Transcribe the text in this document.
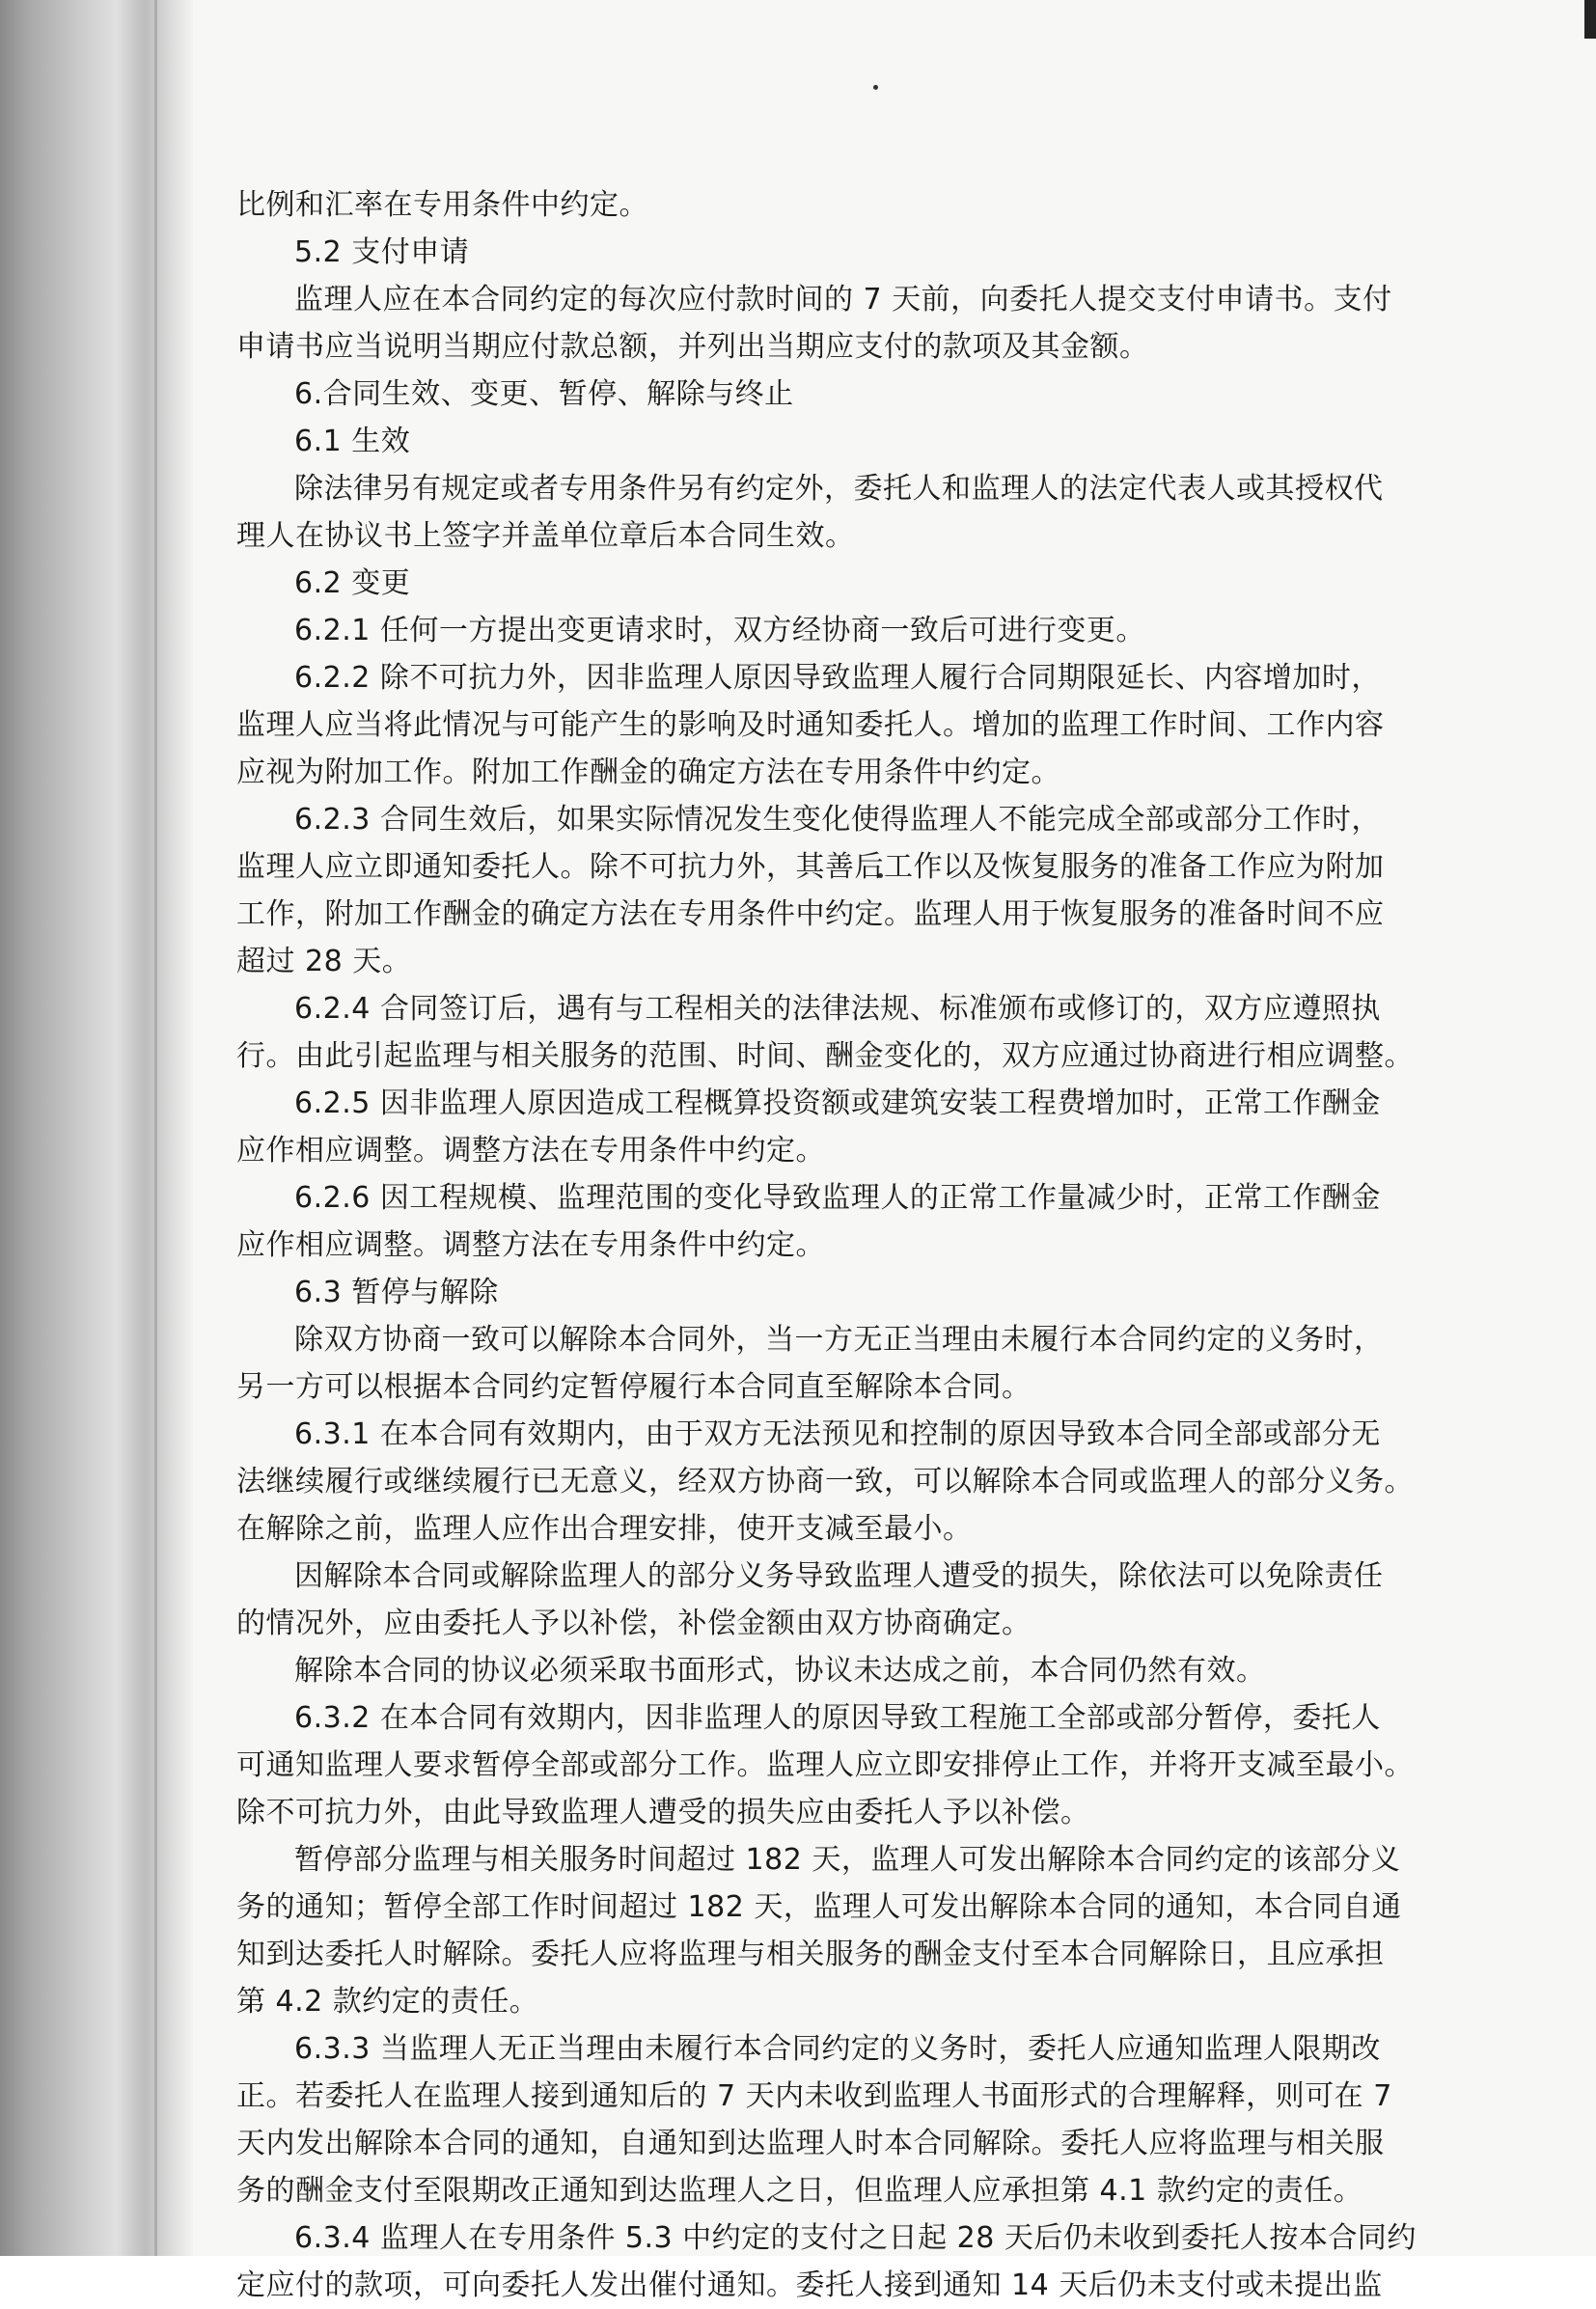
比例和汇率在专用条件中约定。
5.2 支付申请
监理人应在本合同约定的每次应付款时间的 7 天前，向委托人提交支付申请书。支付
申请书应当说明当期应付款总额，并列出当期应支付的款项及其金额。
6.合同生效、变更、暂停、解除与终止
6.1 生效
除法律另有规定或者专用条件另有约定外，委托人和监理人的法定代表人或其授权代
理人在协议书上签字并盖单位章后本合同生效。
6.2 变更
6.2.1 任何一方提出变更请求时，双方经协商一致后可进行变更。
6.2.2 除不可抗力外，因非监理人原因导致监理人履行合同期限延长、内容增加时，
监理人应当将此情况与可能产生的影响及时通知委托人。增加的监理工作时间、工作内容
应视为附加工作。附加工作酬金的确定方法在专用条件中约定。
6.2.3 合同生效后，如果实际情况发生变化使得监理人不能完成全部或部分工作时，
监理人应立即通知委托人。除不可抗力外，其善后工作以及恢复服务的准备工作应为附加
工作，附加工作酬金的确定方法在专用条件中约定。监理人用于恢复服务的准备时间不应
超过 28 天。
6.2.4 合同签订后，遇有与工程相关的法律法规、标准颁布或修订的，双方应遵照执
行。由此引起监理与相关服务的范围、时间、酬金变化的，双方应通过协商进行相应调整。
6.2.5 因非监理人原因造成工程概算投资额或建筑安装工程费增加时，正常工作酬金
应作相应调整。调整方法在专用条件中约定。
6.2.6 因工程规模、监理范围的变化导致监理人的正常工作量减少时，正常工作酬金
应作相应调整。调整方法在专用条件中约定。
6.3 暂停与解除
除双方协商一致可以解除本合同外，当一方无正当理由未履行本合同约定的义务时，
另一方可以根据本合同约定暂停履行本合同直至解除本合同。
6.3.1 在本合同有效期内，由于双方无法预见和控制的原因导致本合同全部或部分无
法继续履行或继续履行已无意义，经双方协商一致，可以解除本合同或监理人的部分义务。
在解除之前，监理人应作出合理安排，使开支减至最小。
因解除本合同或解除监理人的部分义务导致监理人遭受的损失，除依法可以免除责任
的情况外，应由委托人予以补偿，补偿金额由双方协商确定。
解除本合同的协议必须采取书面形式，协议未达成之前，本合同仍然有效。
6.3.2 在本合同有效期内，因非监理人的原因导致工程施工全部或部分暂停，委托人
可通知监理人要求暂停全部或部分工作。监理人应立即安排停止工作，并将开支减至最小。
除不可抗力外，由此导致监理人遭受的损失应由委托人予以补偿。
暂停部分监理与相关服务时间超过 182 天，监理人可发出解除本合同约定的该部分义
务的通知；暂停全部工作时间超过 182 天，监理人可发出解除本合同的通知，本合同自通
知到达委托人时解除。委托人应将监理与相关服务的酬金支付至本合同解除日，且应承担
第 4.2 款约定的责任。
6.3.3 当监理人无正当理由未履行本合同约定的义务时，委托人应通知监理人限期改
正。若委托人在监理人接到通知后的 7 天内未收到监理人书面形式的合理解释，则可在 7
天内发出解除本合同的通知，自通知到达监理人时本合同解除。委托人应将监理与相关服
务的酬金支付至限期改正通知到达监理人之日，但监理人应承担第 4.1 款约定的责任。
6.3.4 监理人在专用条件 5.3 中约定的支付之日起 28 天后仍未收到委托人按本合同约
定应付的款项，可向委托人发出催付通知。委托人接到通知 14 天后仍未支付或未提出监
